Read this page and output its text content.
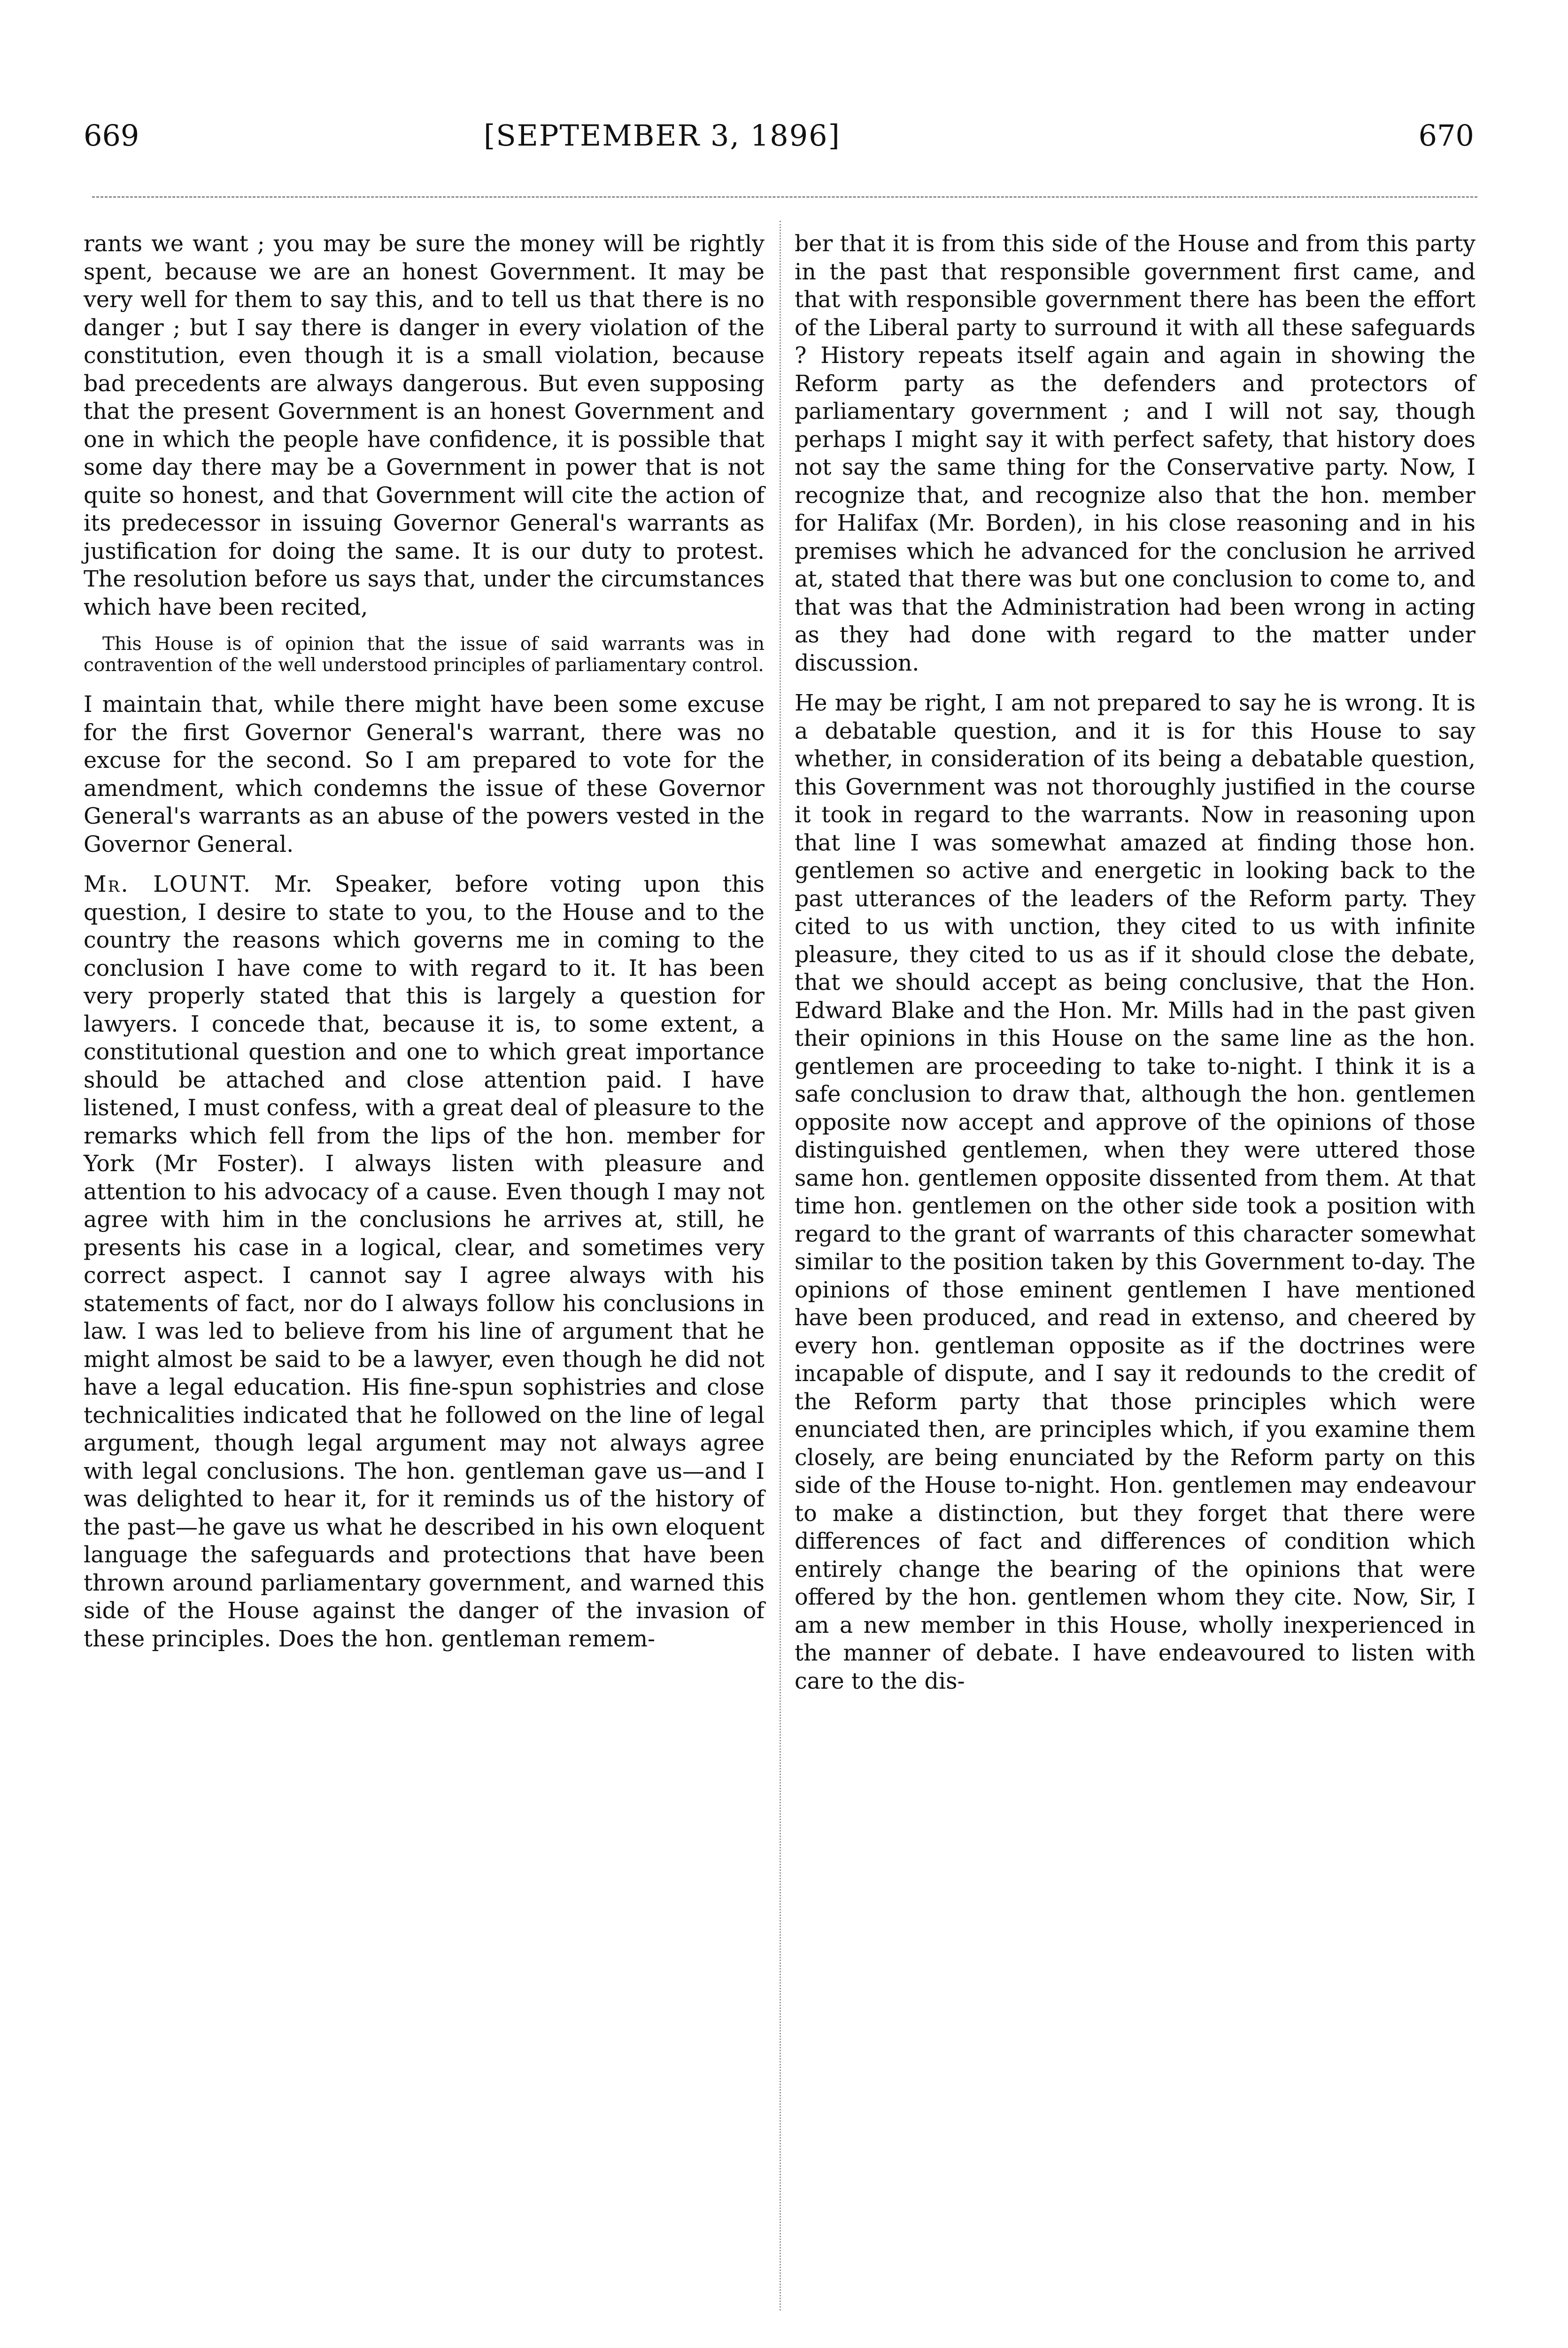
669	[SEPTEMBER 3, 1896]	670

rants we want ; you may be sure the money will be rightly spent, because we are an honest Government. It may be very well for them to say this, and to tell us that there is no danger ; but I say there is danger in every violation of the constitution, even though it is a small violation, because bad precedents are always dangerous. But even supposing that the present Government is an honest Government and one in which the people have confidence, it is possible that some day there may be a Government in power that is not quite so honest, and that Government will cite the action of its predecessor in issuing Governor General's warrants as justification for doing the same. It is our duty to protest. The resolution before us says that, under the circumstances which have been recited,

This House is of opinion that the issue of said warrants was in contravention of the well understood principles of parliamentary control.

I maintain that, while there might have been some excuse for the first Governor General's warrant, there was no excuse for the second. So I am prepared to vote for the amendment, which condemns the issue of these Governor General's warrants as an abuse of the powers vested in the Governor General.

Mr. LOUNT. Mr. Speaker, before voting upon this question, I desire to state to you, to the House and to the country the reasons which governs me in coming to the conclusion I have come to with regard to it. It has been very properly stated that this is largely a question for lawyers. I concede that, because it is, to some extent, a constitutional question and one to which great importance should be attached and close attention paid. I have listened, I must confess, with a great deal of pleasure to the remarks which fell from the lips of the hon. member for York (Mr Foster). I always listen with pleasure and attention to his advocacy of a cause. Even though I may not agree with him in the conclusions he arrives at, still, he presents his case in a logical, clear, and sometimes very correct aspect. I cannot say I agree always with his statements of fact, nor do I always follow his conclusions in law. I was led to believe from his line of argument that he might almost be said to be a lawyer, even though he did not have a legal education. His fine-spun sophistries and close technicalities indicated that he followed on the line of legal argument, though legal argument may not always agree with legal conclusions. The hon. gentleman gave us—and I was delighted to hear it, for it reminds us of the history of the past—he gave us what he described in his own eloquent language the safeguards and protections that have been thrown around parliamentary government, and warned this side of the House against the danger of the invasion of these principles. Does the hon. gentleman remem-

ber that it is from this side of the House and from this party in the past that responsible government first came, and that with responsible government there has been the effort of the Liberal party to surround it with all these safeguards ? History repeats itself again and again in showing the Reform party as the defenders and protectors of parliamentary government ; and I will not say, though perhaps I might say it with perfect safety, that history does not say the same thing for the Conservative party. Now, I recognize that, and recognize also that the hon. member for Halifax (Mr. Borden), in his close reasoning and in his premises which he advanced for the conclusion he arrived at, stated that there was but one conclusion to come to, and that was that the Administration had been wrong in acting as they had done with regard to the matter under discussion.

He may be right, I am not prepared to say he is wrong. It is a debatable question, and it is for this House to say whether, in consideration of its being a debatable question, this Government was not thoroughly justified in the course it took in regard to the warrants. Now in reasoning upon that line I was somewhat amazed at finding those hon. gentlemen so active and energetic in looking back to the past utterances of the leaders of the Reform party. They cited to us with unction, they cited to us with infinite pleasure, they cited to us as if it should close the debate, that we should accept as being conclusive, that the Hon. Edward Blake and the Hon. Mr. Mills had in the past given their opinions in this House on the same line as the hon. gentlemen are proceeding to take to-night. I think it is a safe conclusion to draw that, although the hon. gentlemen opposite now accept and approve of the opinions of those distinguished gentlemen, when they were uttered those same hon. gentlemen opposite dissented from them. At that time hon. gentlemen on the other side took a position with regard to the grant of warrants of this character somewhat similar to the position taken by this Government to-day. The opinions of those eminent gentlemen I have mentioned have been produced, and read in extenso, and cheered by every hon. gentleman opposite as if the doctrines were incapable of dispute, and I say it redounds to the credit of the Reform party that those principles which were enunciated then, are principles which, if you examine them closely, are being enunciated by the Reform party on this side of the House to-night. Hon. gentlemen may endeavour to make a distinction, but they forget that there were differences of fact and differences of condition which entirely change the bearing of the opinions that were offered by the hon. gentlemen whom they cite. Now, Sir, I am a new member in this House, wholly inexperienced in the manner of debate. I have endeavoured to listen with care to the dis-
